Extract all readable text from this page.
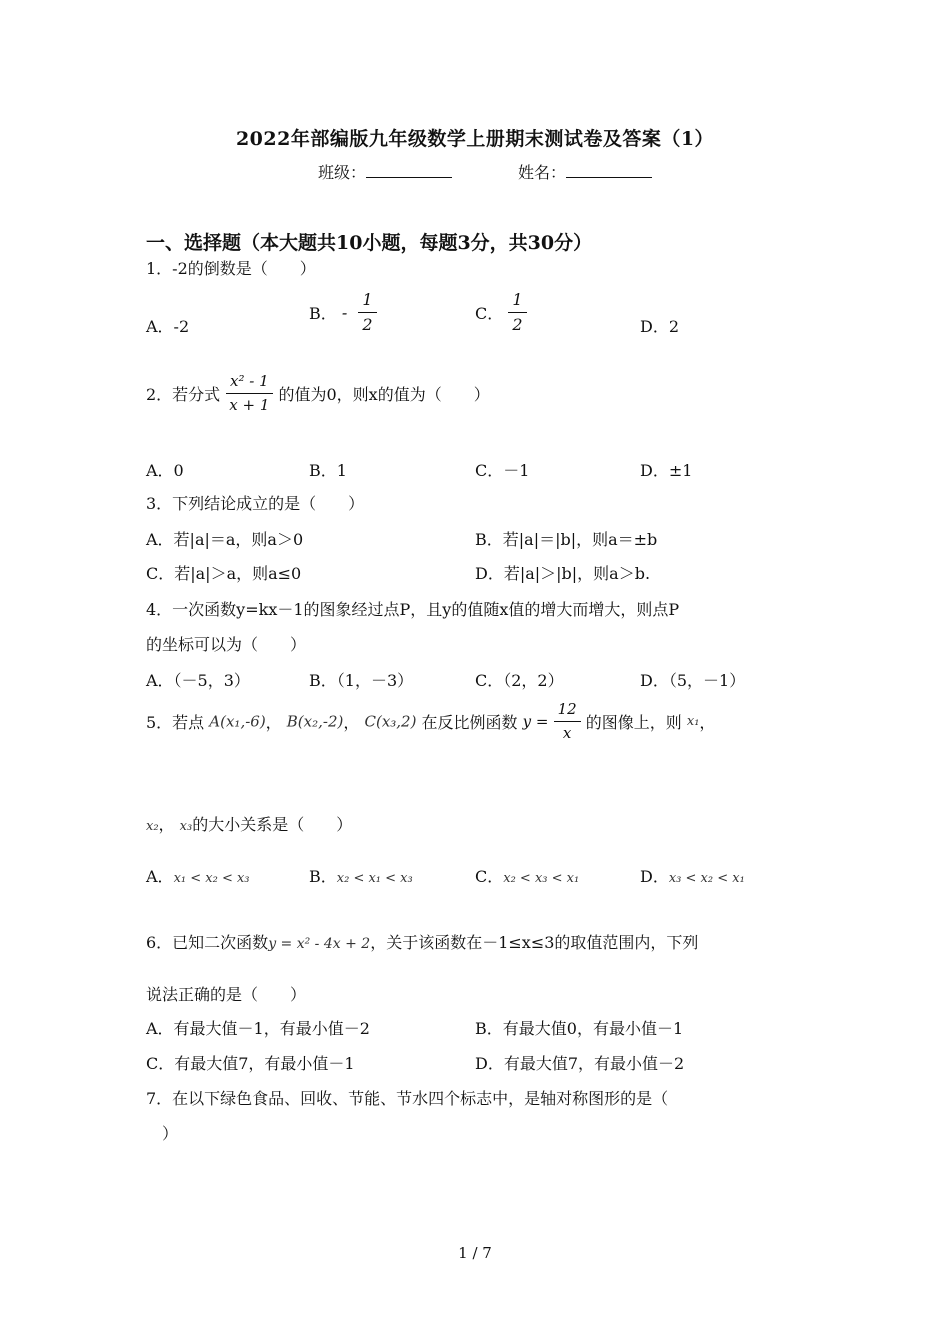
2022年部编版九年级数学上册期末测试卷及答案（1）
班级：	姓名：
一、选择题（本大题共10小题，每题3分，共30分）
1．-2的倒数是（　　）
A．-2
B． - $\frac{1}{2}$	C． $\frac{1}{2}$	D．2
2．若分式 $\frac{\text{x² - 1}}{x + 1}$ 的值为0，则x的值为（　　）
A．0	B．1	C．－1	D．±1
3．下列结论成立的是（　　）
A．若|a|＝a，则a＞0	B．若|a|＝|b|，则a＝±b
C．若|a|＞a，则a≤0	D．若|a|＞|b|，则a＞b.
4．一次函数y=kx－1的图象经过点P，且y的值随x值的增大而增大，则点P
的坐标可以为（　　）
A．（－5，3）	B．（1，－3）	C．（2，2）	D．（5，－1）
5．若点 A(x₁,-6)， B(x₂,-2)， C(x₃,2) 在反比例函数 $y = \frac{12}{x}$ 的图像上，则 x₁，
x₂， x₃的大小关系是（　　）
A．x₁ < x₂ < x₃	B．x₂ < x₁ < x₃	C．x₂ < x₃ < x₁	D．x₃ < x₂ < x₁
6．已知二次函数y = x² - 4x + 2，关于该函数在－1≤x≤3的取值范围内，下列
说法正确的是（　　）
A．有最大值－1，有最小值－2	B．有最大值0，有最小值－1
C．有最大值7，有最小值－1	D．有最大值7，有最小值－2
7．在以下绿色食品、回收、节能、节水四个标志中，是轴对称图形的是（
）
1 / 7
